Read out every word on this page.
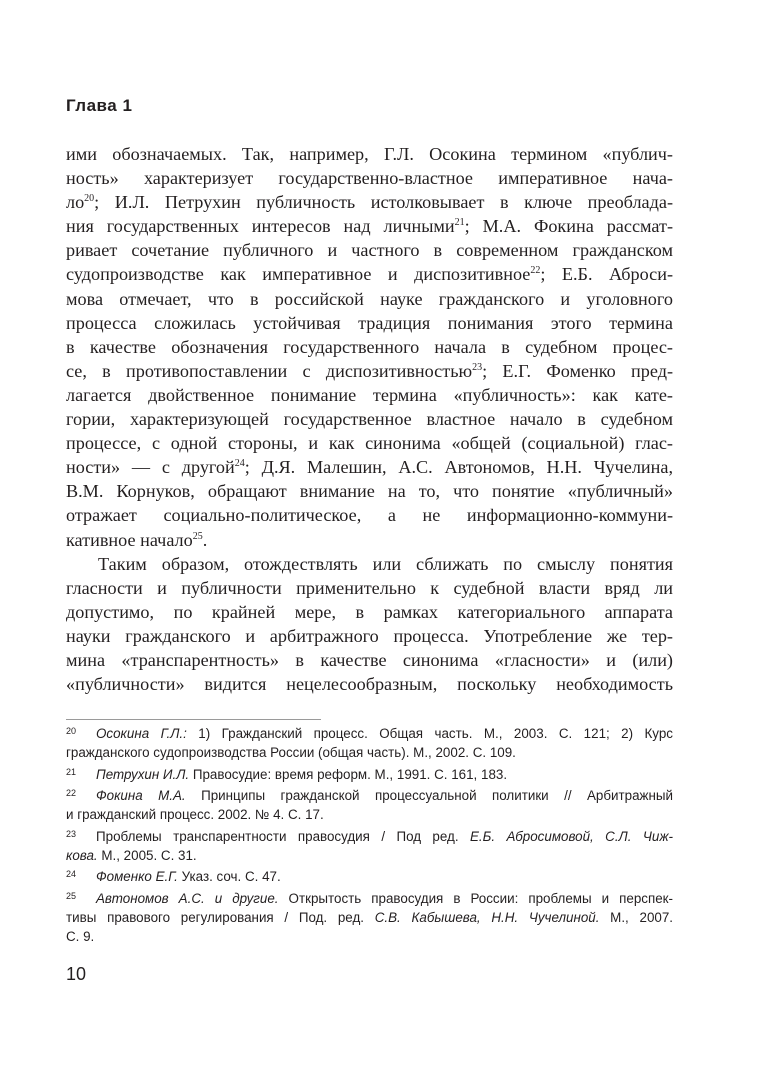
Глава 1
ими обозначаемых. Так, например, Г.Л. Осокина термином «публич-
ность» характеризует государственно-властное императивное нача-
$ло^{20}$; И.Л. Петрухин публичность истолковывает в ключе преоблада-
ния государственных интересов над личными$^{21}$; М.А. Фокина рассмат-
ривает сочетание публичного и частного в современном гражданском
судопроизводстве как императивное и диспозитивное$^{22}$; Е.Б. Аброси-
мова отмечает, что в российской науке гражданского и уголовного
процесса сложилась устойчивая традиция понимания этого термина
в качестве обозначения государственного начала в судебном процес-
се, в противопоставлении с диспозитивностью$^{23}$; Е.Г. Фоменко пред-
лагается двойственное понимание термина «публичность»: как кате-
гории, характеризующей государственное властное начало в судебном
процессе, с одной стороны, и как синонима «общей (социальной) глас-
ности» — с другой$^{24}$; Д.Я. Малешин, А.С. Автономов, Н.Н. Чучелина,
В.М. Корнуков, обращают внимание на то, что понятие «публичный»
отражает социально-политическое, а не информационно-коммуни-
кативное начало$^{25}$.
Таким образом, отождествлять или сближать по смыслу понятия
гласности и публичности применительно к судебной власти вряд ли
допустимо, по крайней мере, в рамках категориального аппарата
науки гражданского и арбитражного процесса. Употребление же тер-
мина «транспарентность» в качестве синонима «гласности» и (или)
«публичности» видится нецелесообразным, поскольку необходимость
20 Осокина Г.Л.: 1) Гражданский процесс. Общая часть. М., 2003. С. 121; 2) Курс
гражданского судопроизводства России (общая часть). М., 2002. С. 109.
21 Петрухин И.Л. Правосудие: время реформ. М., 1991. С. 161, 183.
22 Фокина М.А. Принципы гражданской процессуальной политики // Арбитражный
и гражданский процесс. 2002. № 4. С. 17.
23 Проблемы транспарентности правосудия / Под ред. Е.Б. Абросимовой, С.Л. Чиж-
кова. М., 2005. С. 31.
24 Фоменко Е.Г. Указ. соч. С. 47.
25 Автономов А.С. и другие. Открытость правосудия в России: проблемы и перспек-
тивы правового регулирования / Под. ред. С.В. Кабышева, Н.Н. Чучелиной. М., 2007.
С. 9.
10
